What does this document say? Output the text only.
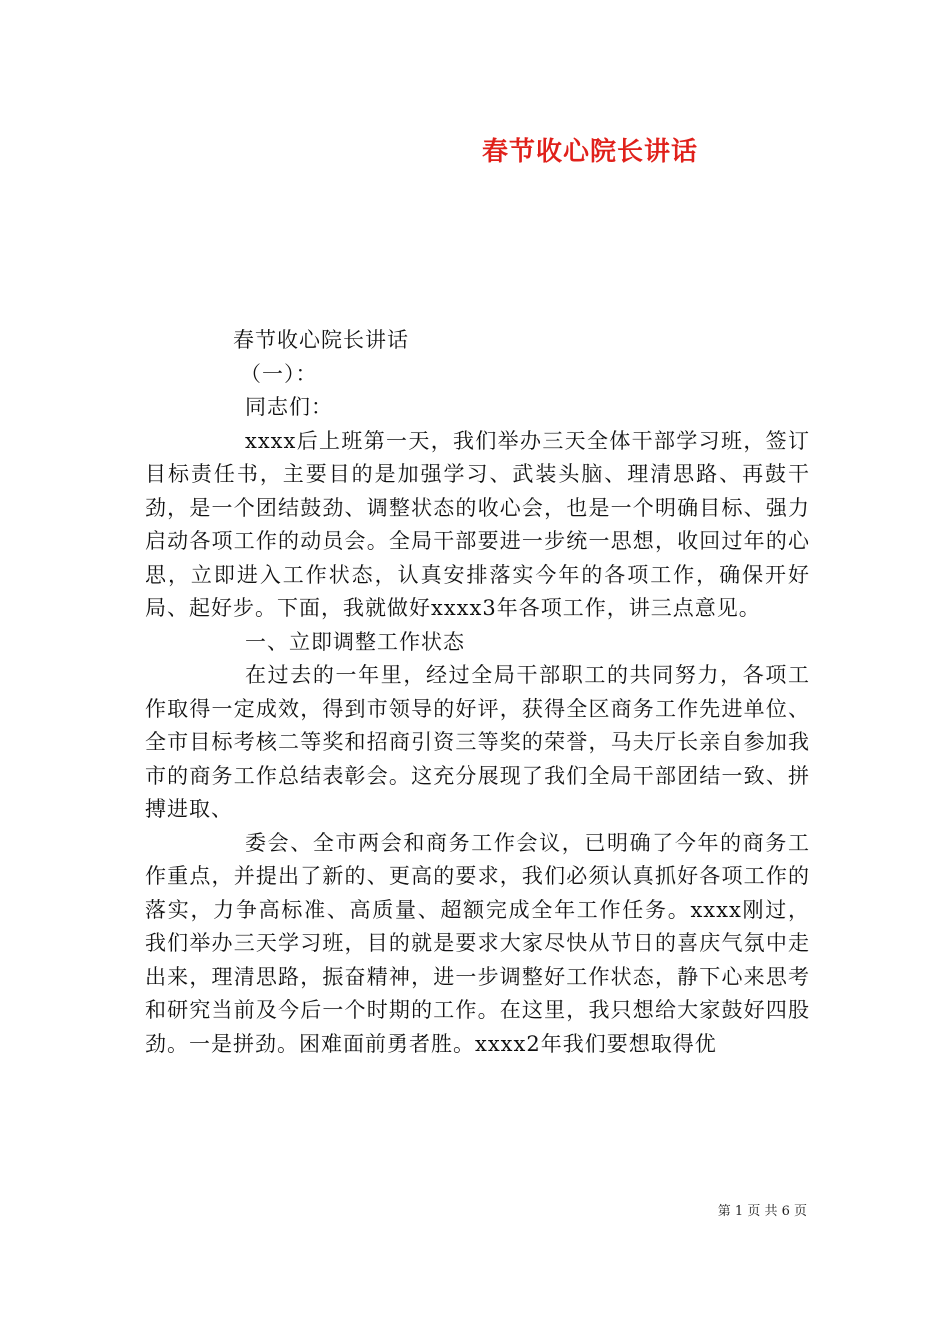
春节收心院长讲话

春节收心院长讲话

（一）：

同志们：

xxxx后上班第一天，我们举办三天全体干部学习班，签订目标责任书，主要目的是加强学习、武装头脑、理清思路、再鼓干劲，是一个团结鼓劲、调整状态的收心会，也是一个明确目标、强力启动各项工作的动员会。全局干部要进一步统一思想，收回过年的心思，立即进入工作状态，认真安排落实今年的各项工作，确保开好局、起好步。下面，我就做好xxxx3年各项工作，讲三点意见。

一、立即调整工作状态

在过去的一年里，经过全局干部职工的共同努力，各项工作取得一定成效，得到市领导的好评，获得全区商务工作先进单位、全市目标考核二等奖和招商引资三等奖的荣誉，马夫厅长亲自参加我市的商务工作总结表彰会。这充分展现了我们全局干部团结一致、拼搏进取、

委会、全市两会和商务工作会议，已明确了今年的商务工作重点，并提出了新的、更高的要求，我们必须认真抓好各项工作的落实，力争高标准、高质量、超额完成全年工作任务。xxxx刚过，我们举办三天学习班，目的就是要求大家尽快从节日的喜庆气氛中走出来，理清思路，振奋精神，进一步调整好工作状态，静下心来思考和研究当前及今后一个时期的工作。在这里，我只想给大家鼓好四股劲。一是拼劲。困难面前勇者胜。xxxx2年我们要想取得优

第 1 页 共 6 页
